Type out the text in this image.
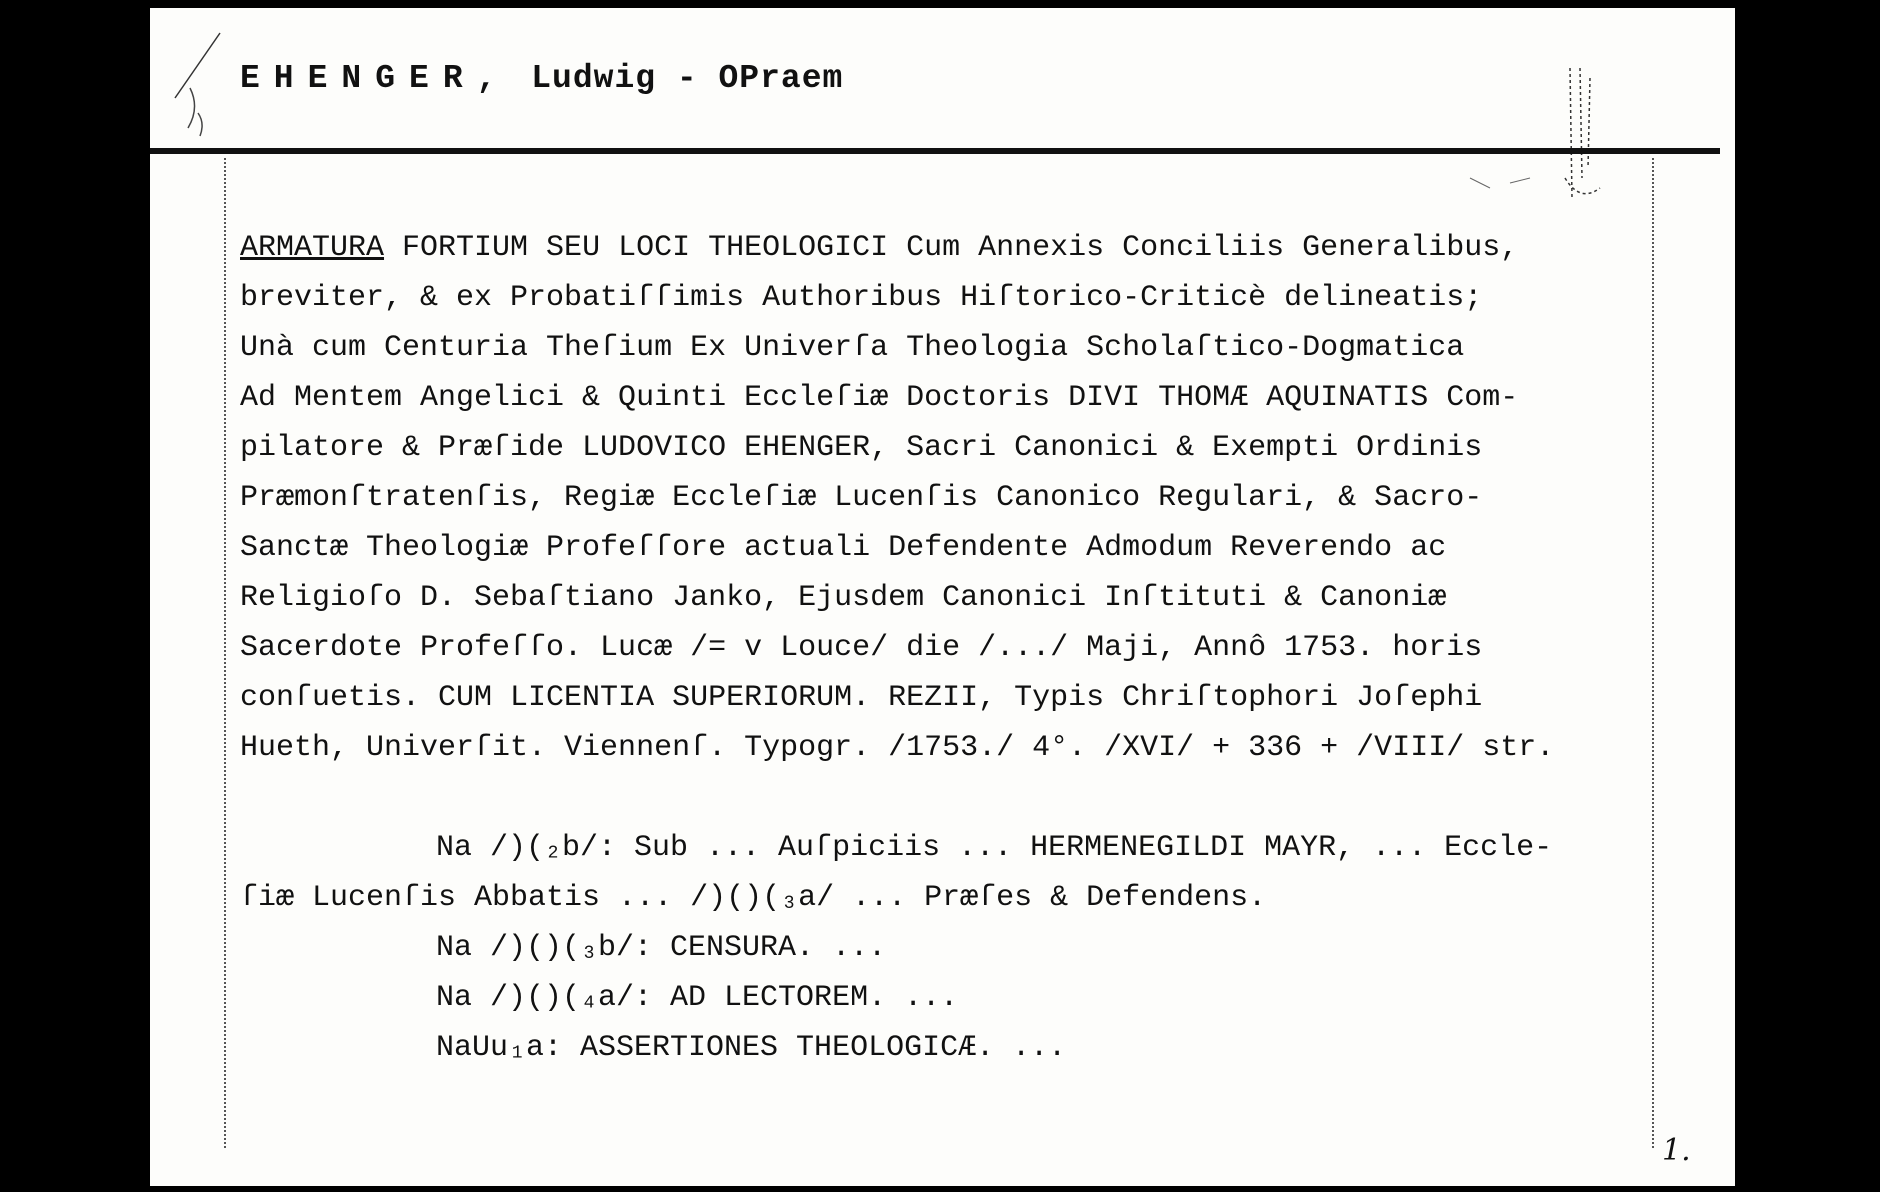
EHENGER, Ludwig - OPraem
ARMATURA FORTIUM SEU LOCI THEOLOGICI Cum Annexis Conciliis Generalibus,
breviter, & ex Probatiſſimis Authoribus Hiſtorico-Criticè delineatis;
Unà cum Centuria Theſium Ex Univerſa Theologia Scholaſtico-Dogmatica
Ad Mentem Angelici & Quinti Eccleſiæ Doctoris DIVI THOMÆ AQUINATIS Com-
pilatore & Præſide LUDOVICO EHENGER, Sacri Canonici & Exempti Ordinis
Præmonſtratenſis, Regiæ Eccleſiæ Lucenſis Canonico Regulari, & Sacro-
Sanctæ Theologiæ Profeſſore actuali Defendente Admodum Reverendo ac
Religioſo D. Sebaſtiano Janko, Ejusdem Canonici Inſtituti & Canoniæ
Sacerdote Profeſſo. Lucæ /= v Louce/ die /.../ Maji, Annô 1753. horis
conſuetis. CUM LICENTIA SUPERIORUM. REZII, Typis Chriſtophori Joſephi
Hueth, Univerſit. Viennenſ. Typogr. /1753./ 4°. /XVI/ + 336 + /VIII/ str.
Na /)(₂b/: Sub ... Auſpiciis ... HERMENEGILDI MAYR, ... Eccle-
ſiæ Lucenſis Abbatis ... /)()(₃a/ ... Præſes & Defendens.
Na /)()(₃b/: CENSURA. ...
Na /)()(₄a/: AD LECTOREM. ...
NaUu₁a: ASSERTIONES THEOLOGICÆ. ...
1.
